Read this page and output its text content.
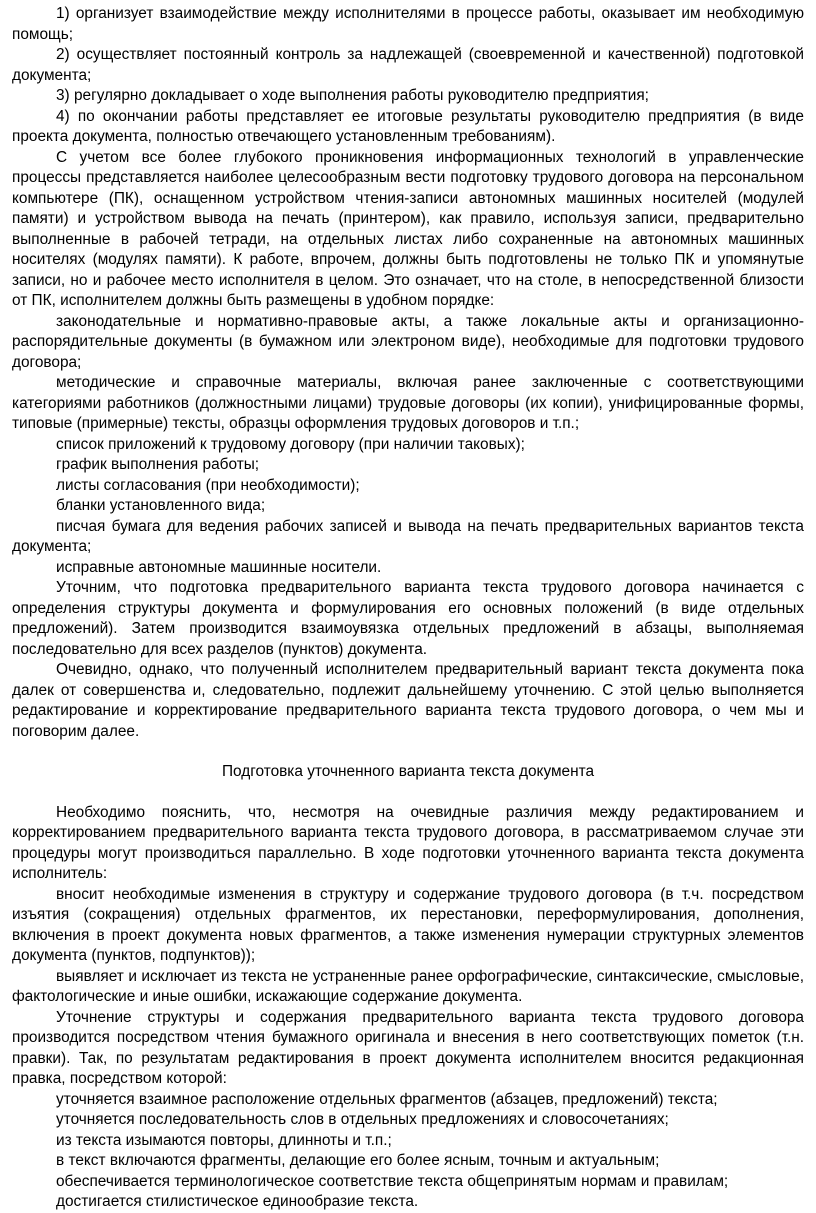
1) организует взаимодействие между исполнителями в процессе работы, оказывает им необходимую помощь;

2) осуществляет постоянный контроль за надлежащей (своевременной и качественной) подготовкой документа;

3) регулярно докладывает о ходе выполнения работы руководителю предприятия;

4) по окончании работы представляет ее итоговые результаты руководителю предприятия (в виде проекта документа, полностью отвечающего установленным требованиям).

С учетом все более глубокого проникновения информационных технологий в управленческие процессы представляется наиболее целесообразным вести подготовку трудового договора на персональном компьютере (ПК), оснащенном устройством чтения-записи автономных машинных носителей (модулей памяти) и устройством вывода на печать (принтером), как правило, используя записи, предварительно выполненные в рабочей тетради, на отдельных листах либо сохраненные на автономных машинных носителях (модулях памяти). К работе, впрочем, должны быть подготовлены не только ПК и упомянутые записи, но и рабочее место исполнителя в целом. Это означает, что на столе, в непосредственной близости от ПК, исполнителем должны быть размещены в удобном порядке:

законодательные и нормативно-правовые акты, а также локальные акты и организационно-распорядительные документы (в бумажном или электроном виде), необходимые для подготовки трудового договора;

методические и справочные материалы, включая ранее заключенные с соответствующими категориями работников (должностными лицами) трудовые договоры (их копии), унифицированные формы, типовые (примерные) тексты, образцы оформления трудовых договоров и т.п.;

список приложений к трудовому договору (при наличии таковых);

график выполнения работы;

листы согласования (при необходимости);

бланки установленного вида;

писчая бумага для ведения рабочих записей и вывода на печать предварительных вариантов текста документа;

исправные автономные машинные носители.

Уточним, что подготовка предварительного варианта текста трудового договора начинается с определения структуры документа и формулирования его основных положений (в виде отдельных предложений). Затем производится взаимоувязка отдельных предложений в абзацы, выполняемая последовательно для всех разделов (пунктов) документа.

Очевидно, однако, что полученный исполнителем предварительный вариант текста документа пока далек от совершенства и, следовательно, подлежит дальнейшему уточнению. С этой целью выполняется редактирование и корректирование предварительного варианта текста трудового договора, о чем мы и поговорим далее.

Подготовка уточненного варианта текста документа

Необходимо пояснить, что, несмотря на очевидные различия между редактированием и корректированием предварительного варианта текста трудового договора, в рассматриваемом случае эти процедуры могут производиться параллельно. В ходе подготовки уточненного варианта текста документа исполнитель:

вносит необходимые изменения в структуру и содержание трудового договора (в т.ч. посредством изъятия (сокращения) отдельных фрагментов, их перестановки, переформулирования, дополнения, включения в проект документа новых фрагментов, а также изменения нумерации структурных элементов документа (пунктов, подпунктов));

выявляет и исключает из текста не устраненные ранее орфографические, синтаксические, смысловые, фактологические и иные ошибки, искажающие содержание документа.

Уточнение структуры и содержания предварительного варианта текста трудового договора производится посредством чтения бумажного оригинала и внесения в него соответствующих пометок (т.н. правки). Так, по результатам редактирования в проект документа исполнителем вносится редакционная правка, посредством которой:

уточняется взаимное расположение отдельных фрагментов (абзацев, предложений) текста;

уточняется последовательность слов в отдельных предложениях и словосочетаниях;

из текста изымаются повторы, длинноты и т.п.;

в текст включаются фрагменты, делающие его более ясным, точным и актуальным;

обеспечивается терминологическое соответствие текста общепринятым нормам и правилам;

достигается стилистическое единообразие текста.
